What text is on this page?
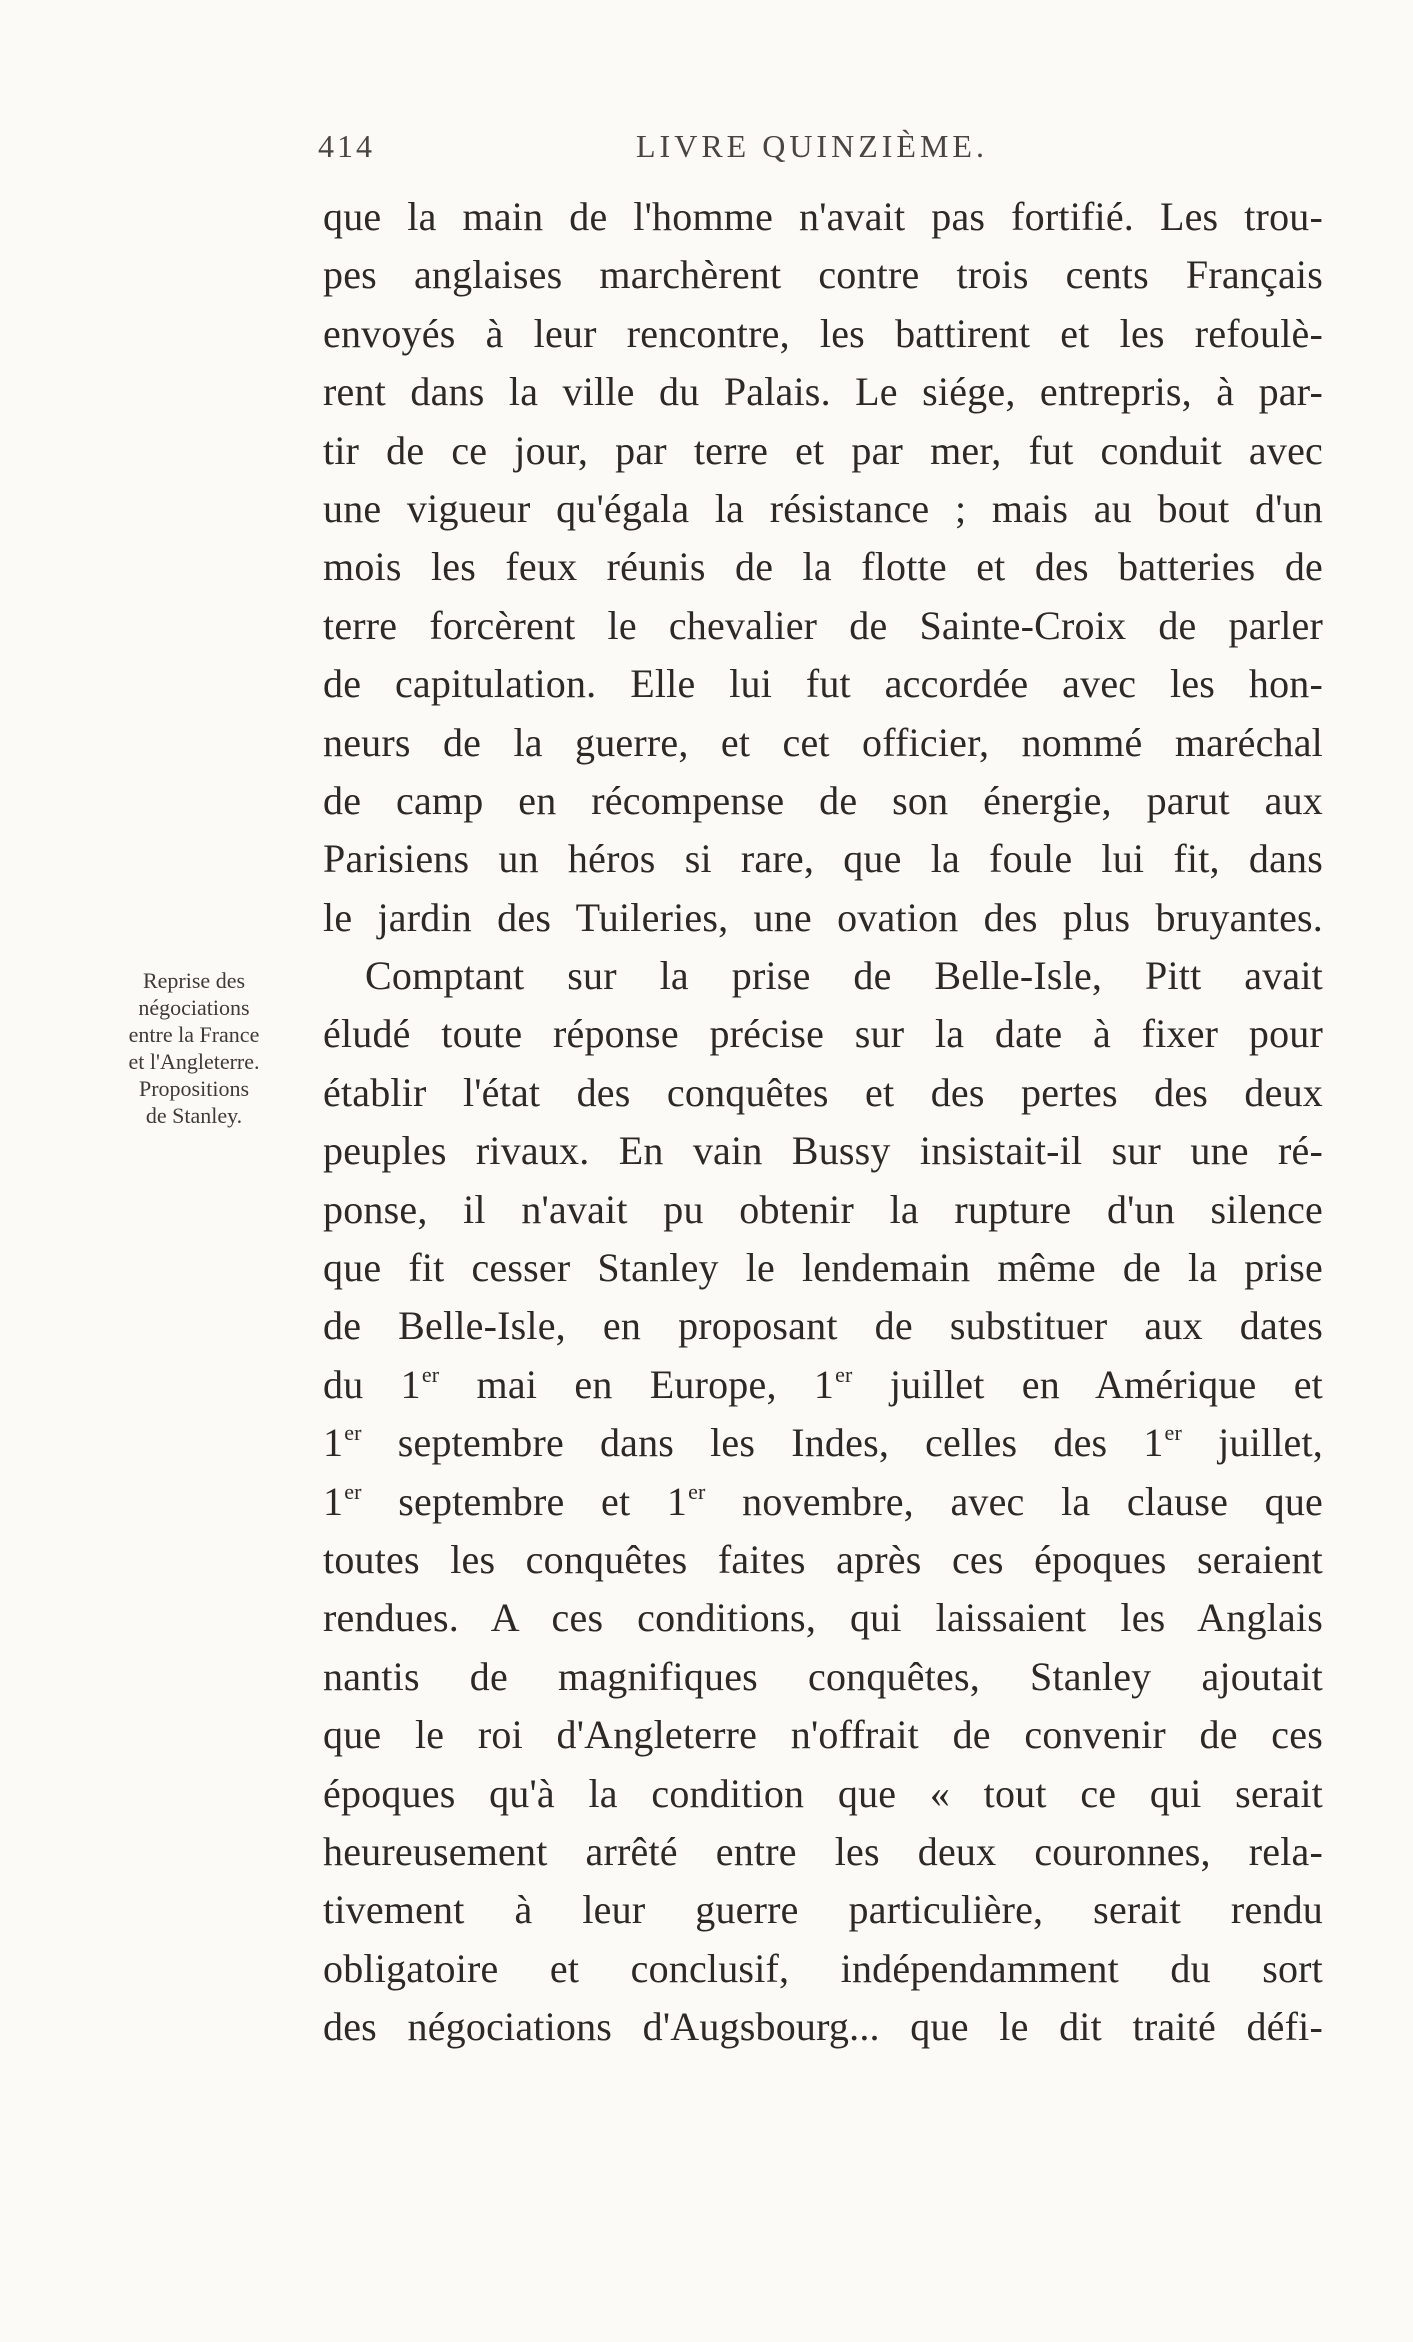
414	LIVRE QUINZIÈME.
Reprise des
négociations
entre la France
et l'Angleterre.
Propositions
de Stanley.
que la main de l'homme n'avait pas fortifié. Les trou-
pes anglaises marchèrent contre trois cents Français
envoyés à leur rencontre, les battirent et les refoulè-
rent dans la ville du Palais. Le siége, entrepris, à par-
tir de ce jour, par terre et par mer, fut conduit avec
une vigueur qu'égala la résistance ; mais au bout d'un
mois les feux réunis de la flotte et des batteries de
terre forcèrent le chevalier de Sainte-Croix de parler
de capitulation. Elle lui fut accordée avec les hon-
neurs de la guerre, et cet officier, nommé maréchal
de camp en récompense de son énergie, parut aux
Parisiens un héros si rare, que la foule lui fit, dans
le jardin des Tuileries, une ovation des plus bruyantes.
Comptant sur la prise de Belle-Isle, Pitt avait
éludé toute réponse précise sur la date à fixer pour
établir l'état des conquêtes et des pertes des deux
peuples rivaux. En vain Bussy insistait-il sur une ré-
ponse, il n'avait pu obtenir la rupture d'un silence
que fit cesser Stanley le lendemain même de la prise
de Belle-Isle, en proposant de substituer aux dates
du 1er mai en Europe, 1er juillet en Amérique et
1er septembre dans les Indes, celles des 1er juillet,
1er septembre et 1er novembre, avec la clause que
toutes les conquêtes faites après ces époques seraient
rendues. A ces conditions, qui laissaient les Anglais
nantis de magnifiques conquêtes, Stanley ajoutait
que le roi d'Angleterre n'offrait de convenir de ces
époques qu'à la condition que « tout ce qui serait
heureusement arrêté entre les deux couronnes, rela-
tivement à leur guerre particulière, serait rendu
obligatoire et conclusif, indépendamment du sort
des négociations d'Augsbourg... que le dit traité défi-
